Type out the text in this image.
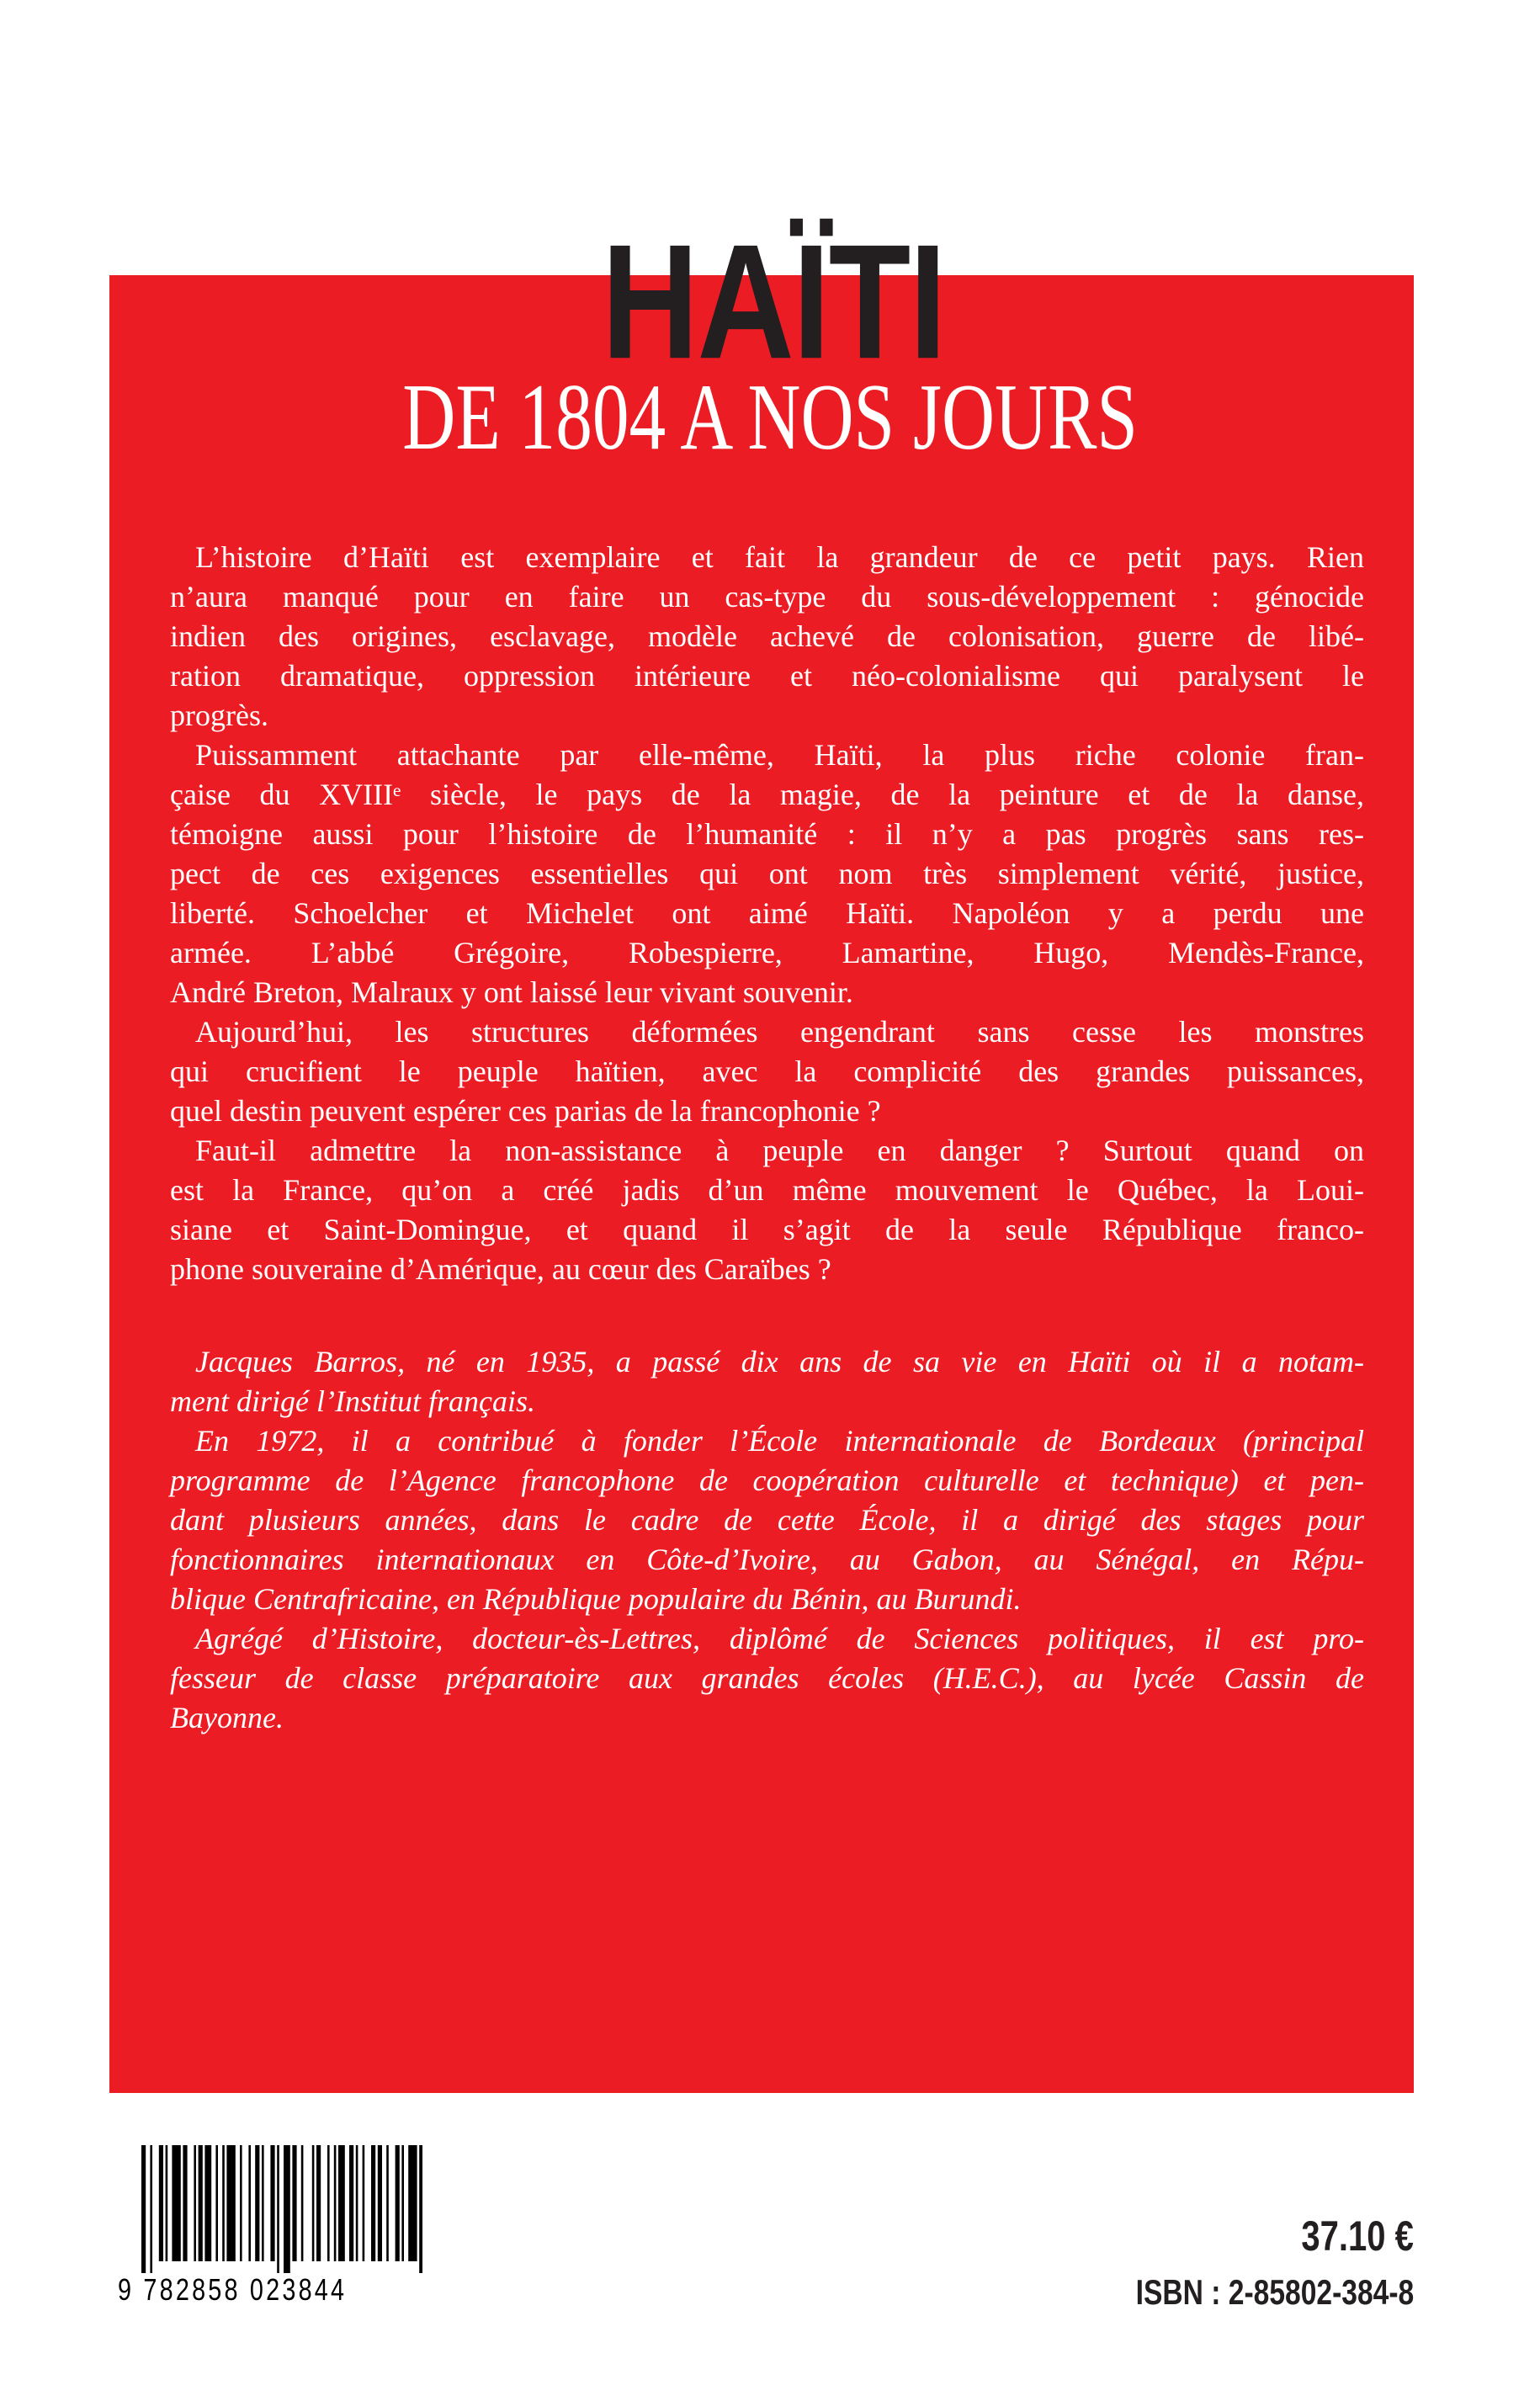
HAÏTI
DE 1804 A NOS JOURS
L’histoire d’Haïti est exemplaire et fait la grandeur de ce petit pays. Rien
n’aura manqué pour en faire un cas-type du sous-développement : génocide
indien des origines, esclavage, modèle achevé de colonisation, guerre de libé-
ration dramatique, oppression intérieure et néo-colonialisme qui paralysent le
progrès.
Puissamment attachante par elle-même, Haïti, la plus riche colonie fran-
çaise du XVIIIᵉ siècle, le pays de la magie, de la peinture et de la danse,
témoigne aussi pour l’histoire de l’humanité : il n’y a pas progrès sans res-
pect de ces exigences essentielles qui ont nom très simplement vérité, justice,
liberté. Schoelcher et Michelet ont aimé Haïti. Napoléon y a perdu une
armée. L’abbé Grégoire, Robespierre, Lamartine, Hugo, Mendès-France,
André Breton, Malraux y ont laissé leur vivant souvenir.
Aujourd’hui, les structures déformées engendrant sans cesse les monstres
qui crucifient le peuple haïtien, avec la complicité des grandes puissances,
quel destin peuvent espérer ces parias de la francophonie ?
Faut-il admettre la non-assistance à peuple en danger ? Surtout quand on
est la France, qu’on a créé jadis d’un même mouvement le Québec, la Loui-
siane et Saint-Domingue, et quand il s’agit de la seule République franco-
phone souveraine d’Amérique, au cœur des Caraïbes ?
Jacques Barros, né en 1935, a passé dix ans de sa vie en Haïti où il a notam-
ment dirigé l’Institut français.
En 1972, il a contribué à fonder l’École internationale de Bordeaux (principal
programme de l’Agence francophone de coopération culturelle et technique) et pen-
dant plusieurs années, dans le cadre de cette École, il a dirigé des stages pour
fonctionnaires internationaux en Côte-d’Ivoire, au Gabon, au Sénégal, en Répu-
blique Centrafricaine, en République populaire du Bénin, au Burundi.
Agrégé d’Histoire, docteur-ès-Lettres, diplômé de Sciences politiques, il est pro-
fesseur de classe préparatoire aux grandes écoles (H.E.C.), au lycée Cassin de
Bayonne.
9 782858 023844
37.10 €
ISBN : 2-85802-384-8
